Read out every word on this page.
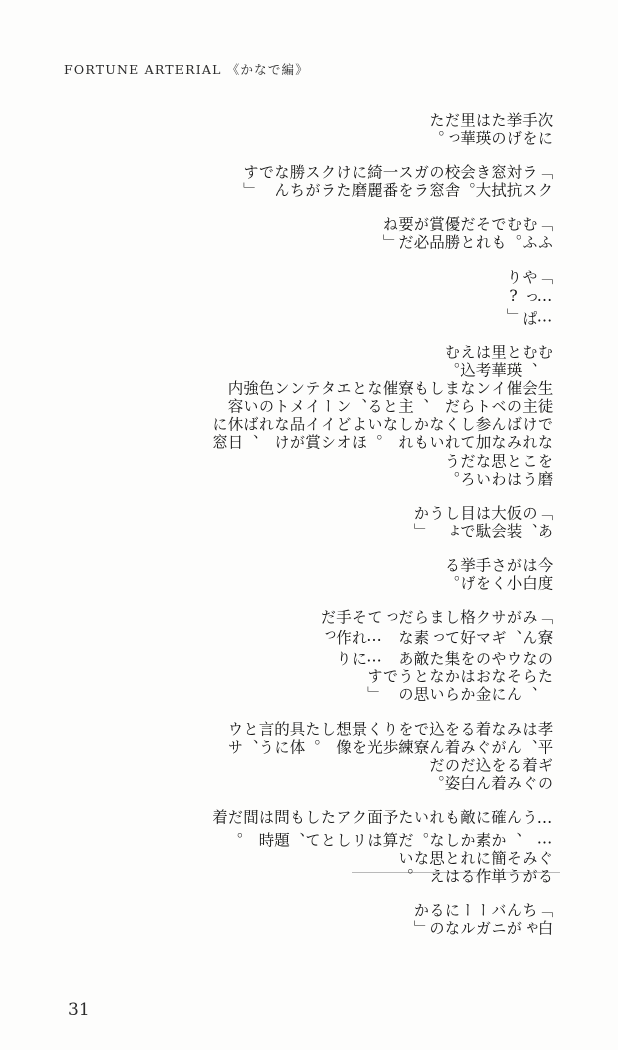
FORTUNE ARTERIAL 《かなで編》
次に手を挙げたのは瑛里華だった。
「クラス対抗窓拭き大会。校舎の窓ガラスを一番綺麗に磨けたクラスが勝ちなんです」
「ふむふむ。でもそれだと優勝賞品が必要だね」
「……やっぱり?」
むむ、と瑛里華は考え込む。
生徒会主催のイベントならまだしも、寮主催となると、エンターテインメント色の強い内容
でなければみんな参加してくれないかもしれない。よほどオイシイ賞品がなければ、休日に窓
を磨こうとは思わないだろう。
「あの、仮装大会は駄目でしょうか」
今度は白が小さく手を挙げる。
「寮のみんなが、ウサギやクマの格好をして集まったら素敵だなあって……それに手作りだっ
たら、そんなにお金はかからないと思うのです」
孝平は、みんなが着ぐるみを着込んで寮を練り歩く光景を想像した。 具体的に言うと、ウサ
ギの着ぐるみを着込んだ白の姿だ。
……うん、確かに素敵かもしれない。ただ予算面はクリアしたとしても、問題は時間だ。着
ぐるみがそう簡単に作れるとは思えない。
「白ちゃんがバニーガールになるのか」
31
